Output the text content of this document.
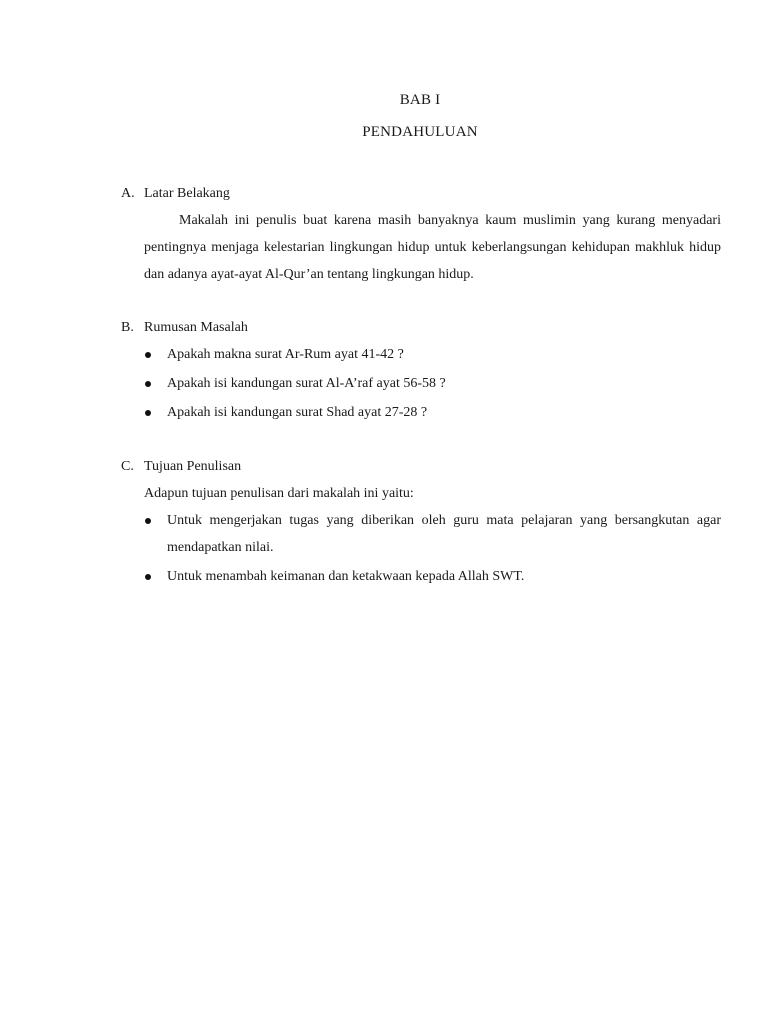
BAB I
PENDAHULUAN
A. Latar Belakang

Makalah ini penulis buat karena masih banyaknya kaum muslimin yang kurang menyadari pentingnya menjaga kelestarian lingkungan hidup untuk keberlangsungan kehidupan makhluk hidup dan adanya ayat-ayat Al-Qur’an tentang lingkungan hidup.

B. Rumusan Masalah
Apakah makna surat Ar-Rum ayat 41-42 ?
Apakah isi kandungan surat Al-A’raf ayat 56-58 ?
Apakah isi kandungan surat Shad ayat 27-28 ?
C. Tujuan Penulisan

Adapun tujuan penulisan dari makalah ini yaitu:

Untuk mengerjakan tugas yang diberikan oleh guru mata pelajaran yang bersangkutan agar mendapatkan nilai.
Untuk menambah keimanan dan ketakwaan kepada Allah SWT.
